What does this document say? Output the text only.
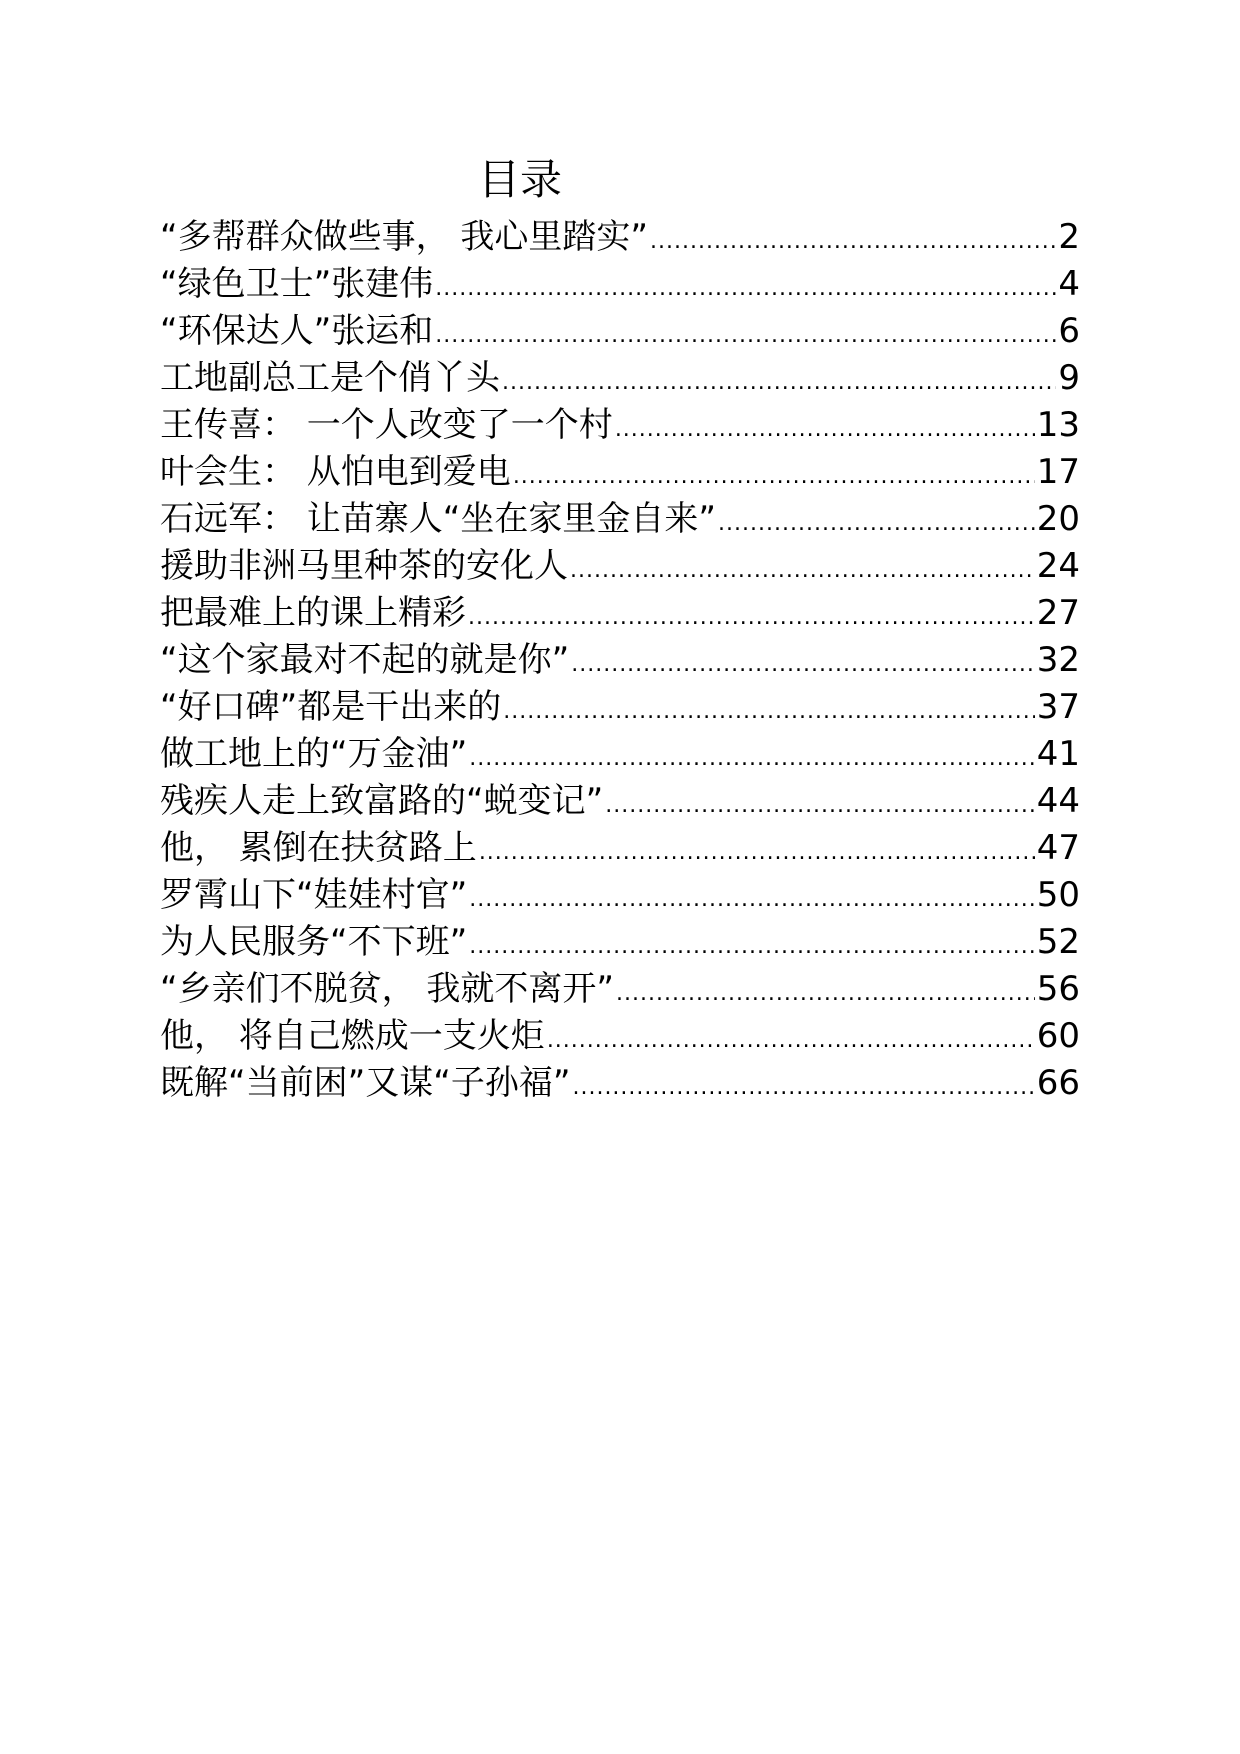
目录
“多帮群众做些事， 我心里踏实” .....	2
“绿色卫士”张建伟 .....	4
“环保达人”张运和 .....	6
工地副总工是个俏丫头 .....	9
王传喜： 一个人改变了一个村 .....	13
叶会生： 从怕电到爱电 .....	17
石远军： 让苗寨人“坐在家里金自来” .....	20
援助非洲马里种茶的安化人 .....	24
把最难上的课上精彩 .....	27
“这个家最对不起的就是你” .....	32
“好口碑”都是干出来的 .....	37
做工地上的“万金油” .....	41
残疾人走上致富路的“蜕变记” .....	44
他， 累倒在扶贫路上 .....	47
罗霄山下“娃娃村官” .....	50
为人民服务“不下班” .....	52
“乡亲们不脱贫， 我就不离开” .....	56
他， 将自己燃成一支火炬 .....	60
既解“当前困”又谋“子孙福” .....	66
